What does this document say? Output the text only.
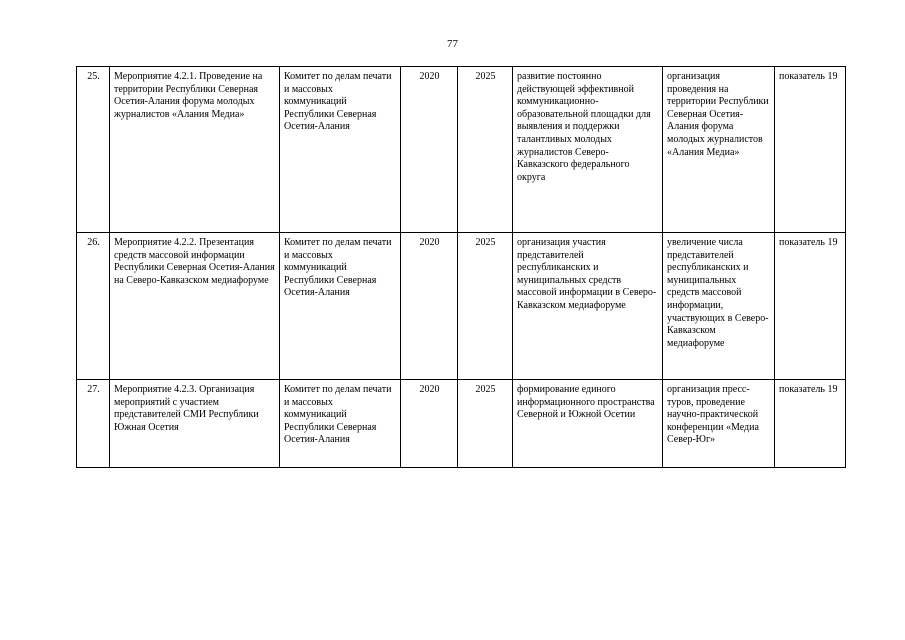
77
25.	Мероприятие 4.2.1. Проведение на территории Республики Северная Осетия-Алания форума молодых журналистов «Алания Медиа»	Комитет по делам печати и массовых коммуникаций Республики Северная Осетия-Алания	2020	2025	развитие постоянно действующей эффективной коммуникационно-образовательной площадки для выявления и поддержки талантливых молодых журналистов Северо-Кавказского федерального округа	организация проведения на территории Республики Северная Осетия-Алания форума молодых журналистов «Алания Медиа»	показатель 19
26.	Мероприятие 4.2.2. Презентация средств массовой информации Республики Северная Осетия-Алания на Северо-Кавказском медиафоруме	Комитет по делам печати и массовых коммуникаций Республики Северная Осетия-Алания	2020	2025	организация участия представителей республиканских и муниципальных средств массовой информации в Северо-Кавказском медиафоруме	увеличение числа представителей республиканских и муниципальных средств массовой информации, участвующих в Северо-Кавказском медиафоруме	показатель 19
27.	Мероприятие 4.2.3. Организация мероприятий с участием представителей СМИ Республики Южная Осетия	Комитет по делам печати и массовых коммуникаций Республики Северная Осетия-Алания	2020	2025	формирование единого информационного пространства Северной и Южной Осетии	организация пресс-туров, проведение научно-практической конференции «Медиа Север-Юг»	показатель 19
